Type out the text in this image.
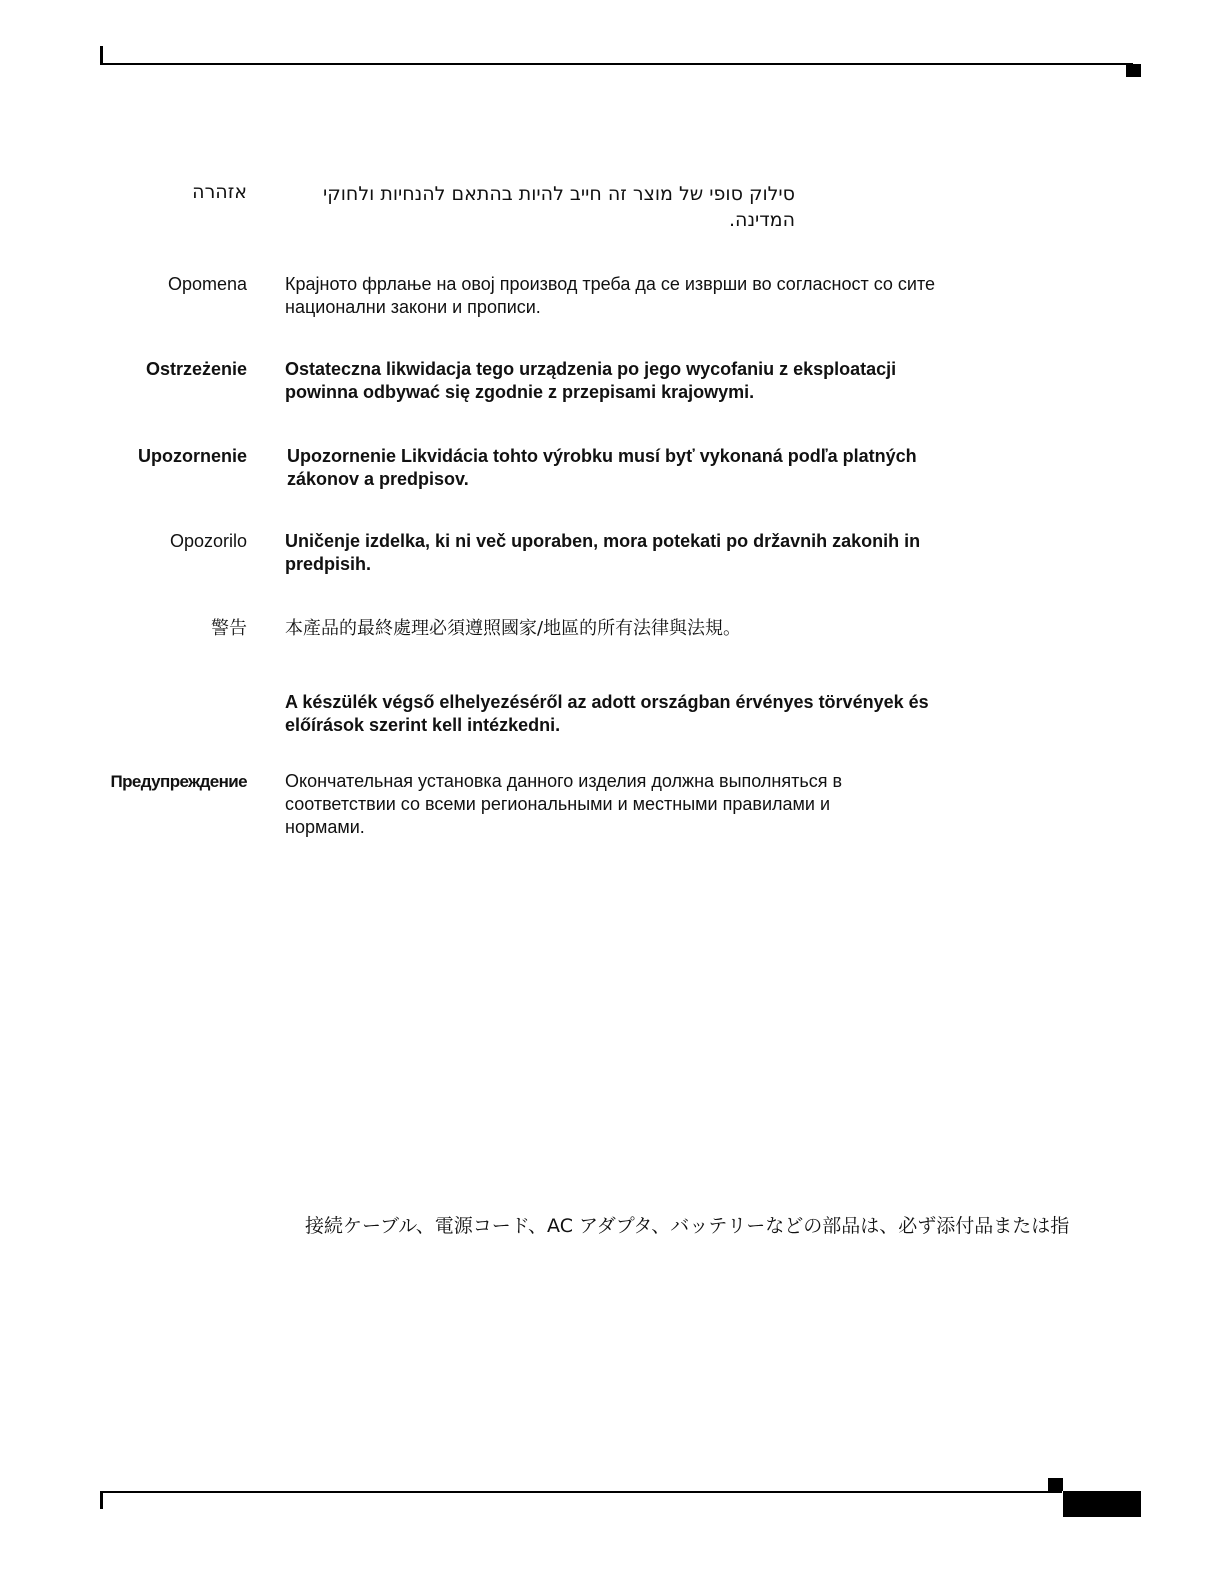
אזהרה	סילוק סופי של מוצר זה חייב להיות בהתאם להנחיות ולחוקי המדינה.
Opomena Крајното фрлање на овој производ треба да се изврши во согласност со сите национални закони и прописи.
Ostrzeżenie Ostateczna likwidacja tego urządzenia po jego wycofaniu z eksploatacji powinna odbywać się zgodnie z przepisami krajowymi.
Upozornenie Upozornenie Likvidácia tohto výrobku musí byť vykonaná podľa platných zákonov a predpisov.
Opozorilo Uničenje izdelka, ki ni več uporaben, mora potekati po državnih zakonih in predpisih.
警告 本產品的最終處理必須遵照國家/地區的所有法律與法規。
A készülék végső elhelyezéséről az adott országban érvényes törvények és előírások szerint kell intézkedni.
Предупреждение Окончательная установка данного изделия должна выполняться в соответствии со всеми региональными и местными правилами и нормами.
接続ケーブル、電源コード、AC アダプタ、バッテリーなどの部品は、必ず添付品または指
